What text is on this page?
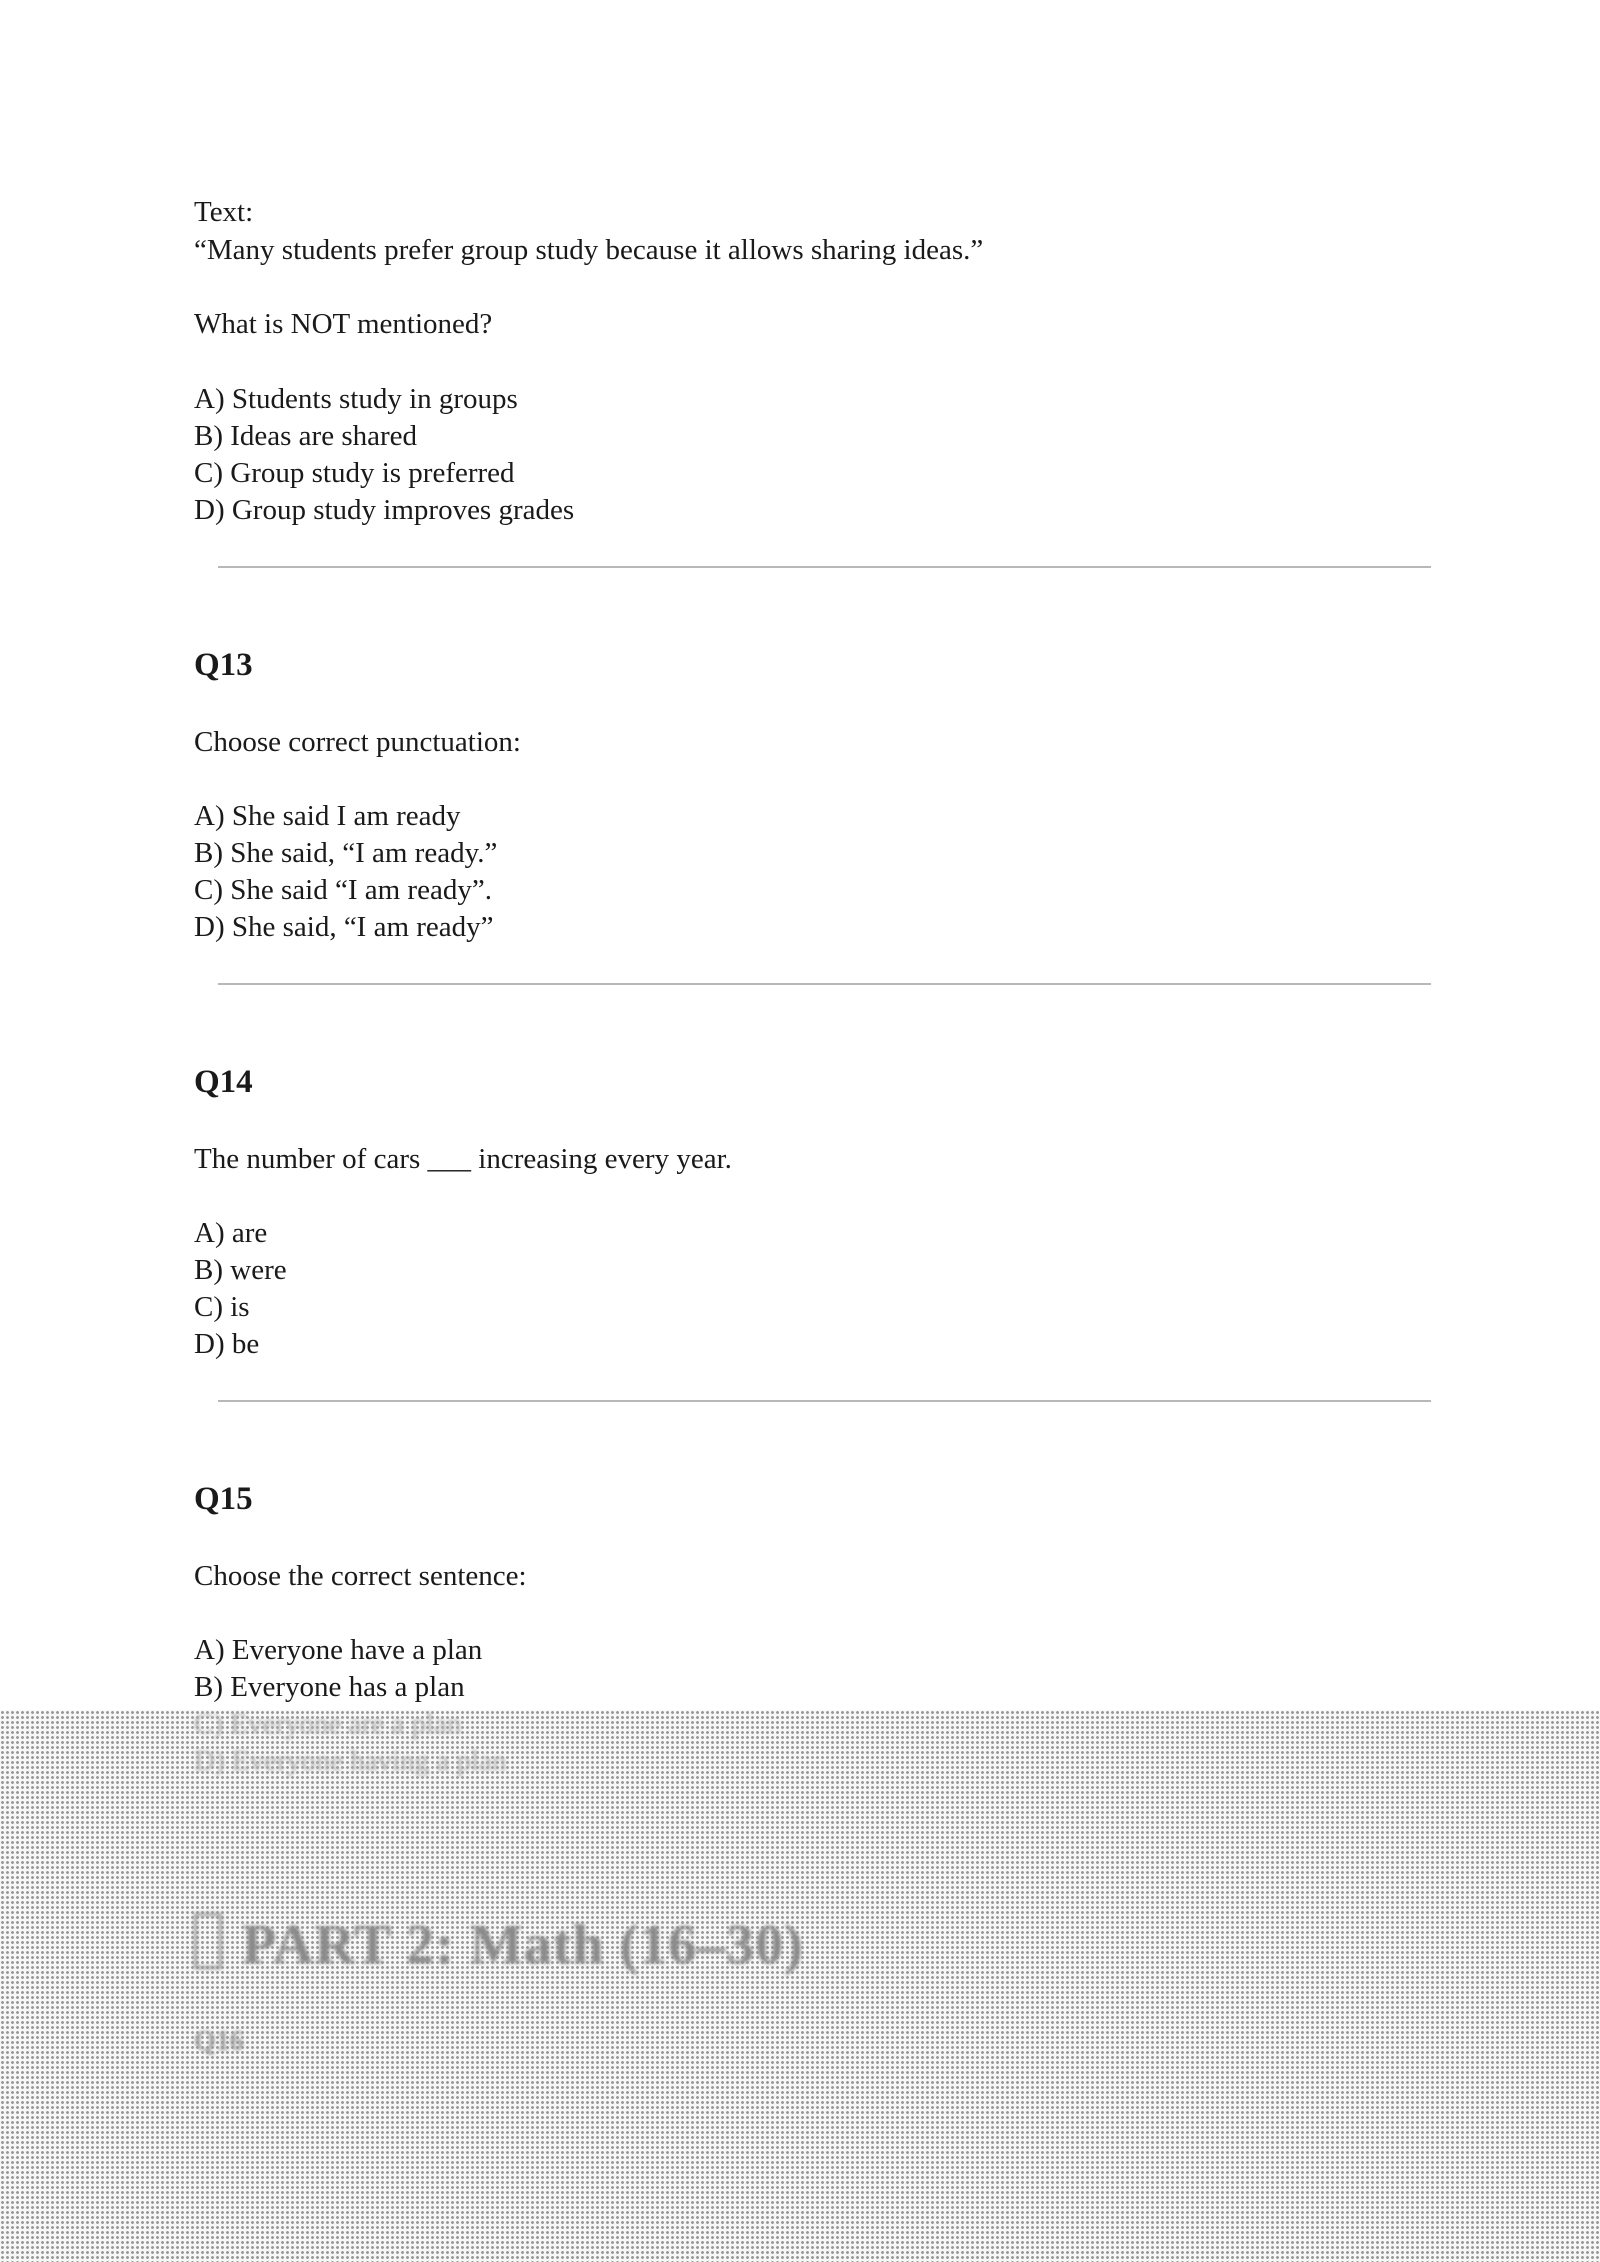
Text:
“Many students prefer group study because it allows sharing ideas.”
What is NOT mentioned?
A) Students study in groups
B) Ideas are shared
C) Group study is preferred
D) Group study improves grades
Q13
Choose correct punctuation:
A) She said I am ready
B) She said, “I am ready.”
C) She said “I am ready”.
D) She said, “I am ready”
Q14
The number of cars ___ increasing every year.
A) are
B) were
C) is
D) be
Q15
Choose the correct sentence:
A) Everyone have a plan
B) Everyone has a plan
C) Everyone are a plan
D) Everyone having a plan
PART 2: Math (16–30)
Q16
